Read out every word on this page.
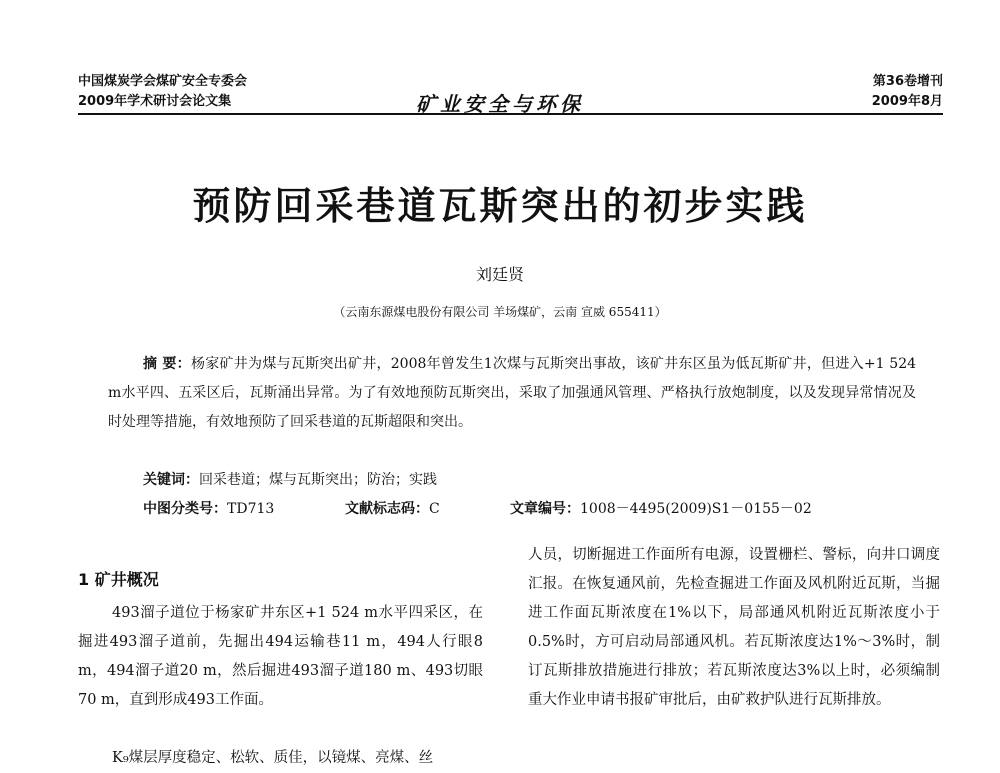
中国煤炭学会煤矿安全专委会
2009年学术研讨会论文集	矿业安全与环保
第36卷增刊
2009年8月
预防回采巷道瓦斯突出的初步实践
刘廷贤
（云南东源煤电股份有限公司 羊场煤矿，云南 宣威 655411）
摘 要：杨家矿井为煤与瓦斯突出矿井，2008年曾发生1次煤与瓦斯突出事故，该矿井东区虽为低瓦斯矿井，但进入+1 524 m水平四、五采区后，瓦斯涌出异常。为了有效地预防瓦斯突出，采取了加强通风管理、严格执行放炮制度，以及发现异常情况及时处理等措施，有效地预防了回采巷道的瓦斯超限和突出。
关键词：回采巷道；煤与瓦斯突出；防治；实践
中图分类号：TD713	文献标志码：C	文章编号：1008－4495(2009)S1－0155－02
1 矿井概况
493溜子道位于杨家矿井东区+1 524 m水平四采区，在掘进493溜子道前，先掘出494运输巷11 m，494人行眼8 m，494溜子道20 m，然后掘进493溜子道180 m、493切眼70 m，直到形成493工作面。
K₉煤层厚度稳定、松软、质佳，以镜煤、亮煤、丝
人员，切断掘进工作面所有电源，设置栅栏、警标，向井口调度汇报。在恢复通风前，先检查掘进工作面及风机附近瓦斯，当掘进工作面瓦斯浓度在1%以下，局部通风机附近瓦斯浓度小于0.5%时，方可启动局部通风机。若瓦斯浓度达1%～3%时，制订瓦斯排放措施进行排放；若瓦斯浓度达3%以上时，必须编制重大作业申请书报矿审批后，由矿救护队进行瓦斯排放。
